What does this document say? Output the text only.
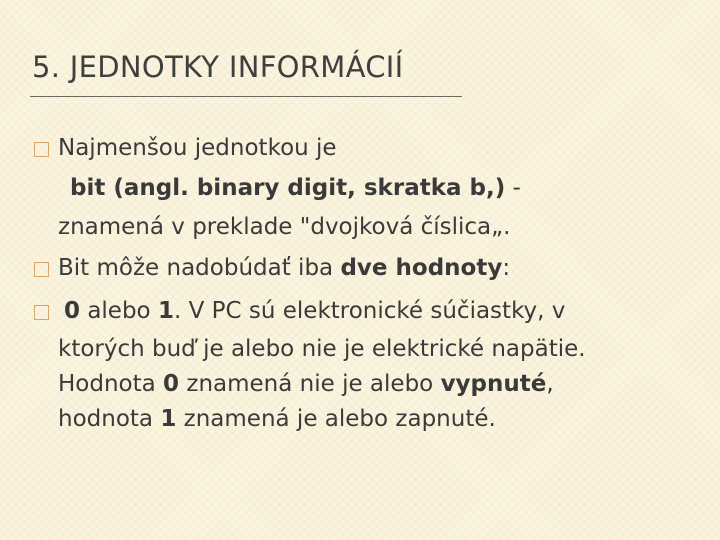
5. JEDNOTKY INFORMÁCIÍ
Najmenšou jednotkou je
bit (angl. binary digit, skratka b,) -
znamená v preklade "dvojková číslica„.
Bit môže nadobúdať iba dve hodnoty:
0 alebo 1. V PC sú elektronické súčiastky, v
ktorých buď je alebo nie je elektrické napätie.
Hodnota 0 znamená nie je alebo vypnuté,
hodnota 1 znamená je alebo zapnuté.
